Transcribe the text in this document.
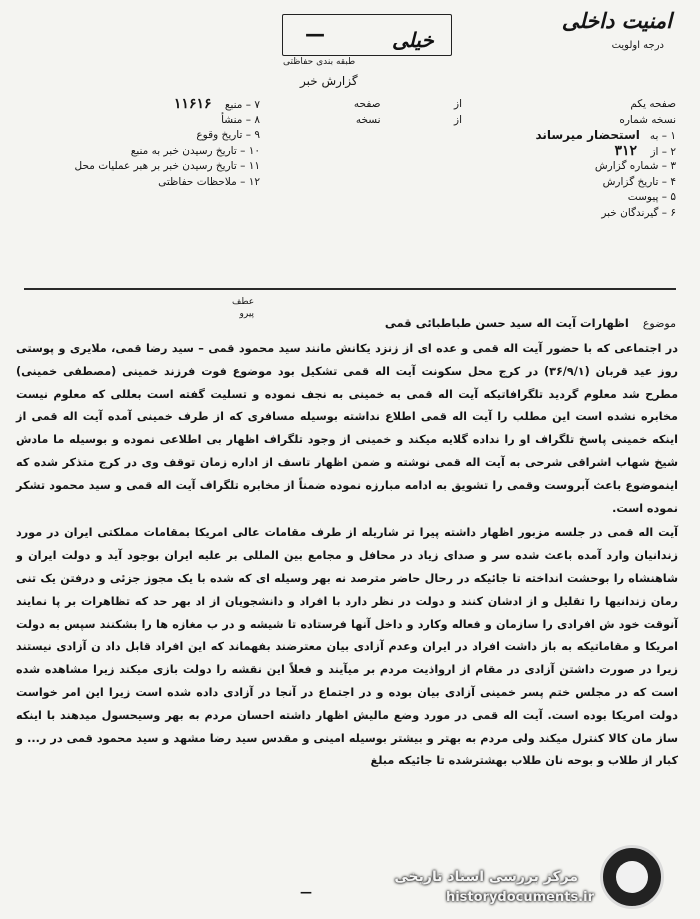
امنیت داخلی
درجه اولویت
—	خیلی
طبقه بندی حفاظتی
گزارش خبر
۷ – منبع    ۱۱۶۱۶
۸ – منشأ
۹ – تاریخ وقوع
۱۰ – تاریخ رسیدن خبر به منبع
۱۱ – تاریخ رسیدن خبر بر هبر عملیات محل
۱۲ – ملاحظات حفاظتی
از                      صفحه
از                      نسخه
صفحه یکم
نسخه شماره
۱ – به   استحضار میرساند
۲ – از    ۳۱۲
۳ – شماره گزارش
۴ – تاریخ گزارش
۵ – پیوست
۶ – گیرندگان خبر
عطف
پیرو
موضوع    اظهارات آیت اله سید حسن طباطبائی قمی

در اجتماعی که با حضور آیت اله قمی و عده ای از زنزد یکانش مانند سید محمود قمی – سید رضا قمی، ملایری و پوستی روز عید قربان (۳۶/۹/۱) در کرج محل سکونت آیت اله قمی تشکیل بود موضوع فوت فرزند خمینی (مصطفی خمینی) مطرح شد معلوم گردید تلگرافاتیکه آیت اله قمی به خمینی به نجف نموده و تسلیت گفته است بعللی که معلوم نیست مخابره نشده است این مطلب را آیت اله قمی اطلاع نداشته بوسیله مسافری که از طرف خمینی آمده آیت اله قمی از اینکه خمینی پاسخ تلگراف او را نداده گلایه میکند و خمینی از وجود تلگراف اظهار بی اطلاعی نموده و بوسیله ما مادش شیخ شهاب اشراقی شرحی به آیت اله قمی نوشته و ضمن اظهار تاسف از اداره زمان توقف وی در کرج متذکر شده که اینموضوع باعث آبروست وقمی را تشویق به ادامه مبارزه نموده ضمناً از مخابره تلگراف آیت اله قمی و سید محمود تشکر نموده است.

آیت اله قمی در جلسه مزبور اظهار داشته پیرا تر شاریله از طرف مقامات عالی امریکا بمقامات مملکتی ایران در مورد زندانیان وارد آمده باعث شده سر و صدای زیاد در محافل و مجامع بین المللی بر علیه ایران بوجود آید و دولت ایران و شاهنشاه را بوحشت انداخته تا جائیکه در رحال حاضر مترصد نه بهر وسیله ای که شده با یک مجوز جزئی و درفتن یک تنی رمان زندانیها را تقلیل و از ادشان کنند و دولت در نظر دارد با افراد و دانشجویان از اد بهر حد که تظاهرات بر پا نمایند آنوقت خود ش افرادی را سازمان و فعاله وکارد و داخل آنها فرستاده تا شیشه و در ب مغازه ها را بشکنند سپس به دولت امریکا و مقاماتیکه به باز داشت افراد در ایران وعدم آزادی بیان معترضند بفهماند که این افراد قابل داد ن آزادی نیستند زیرا در صورت داشتن آزادی در مقام از ارواذیت مردم بر میآیند و فعلاً این نقشه را دولت بازی میکند زیرا مشاهده شده است که در مجلس ختم پسر خمینی آزادی بیان بوده و در اجتماع در آنجا در آزادی داده شده است زیرا این امر خواست دولت امریکا بوده است. آیت اله قمی در مورد وضع مالیش اظهار داشته احسان مردم به بهر وسیحسول میدهند با اینکه ساز مان کالا کنترل میکند ولی مردم به بهتر و بیشتر بوسیله امینی و مقدس سید رضا مشهد و سید محمود قمی در ر... و کبار از طلاب و بوحه نان طلاب بهشترشده تا جائیکه مبلغ

—
مرکز بررسی اسناد تاریخی
historydocuments.ir
